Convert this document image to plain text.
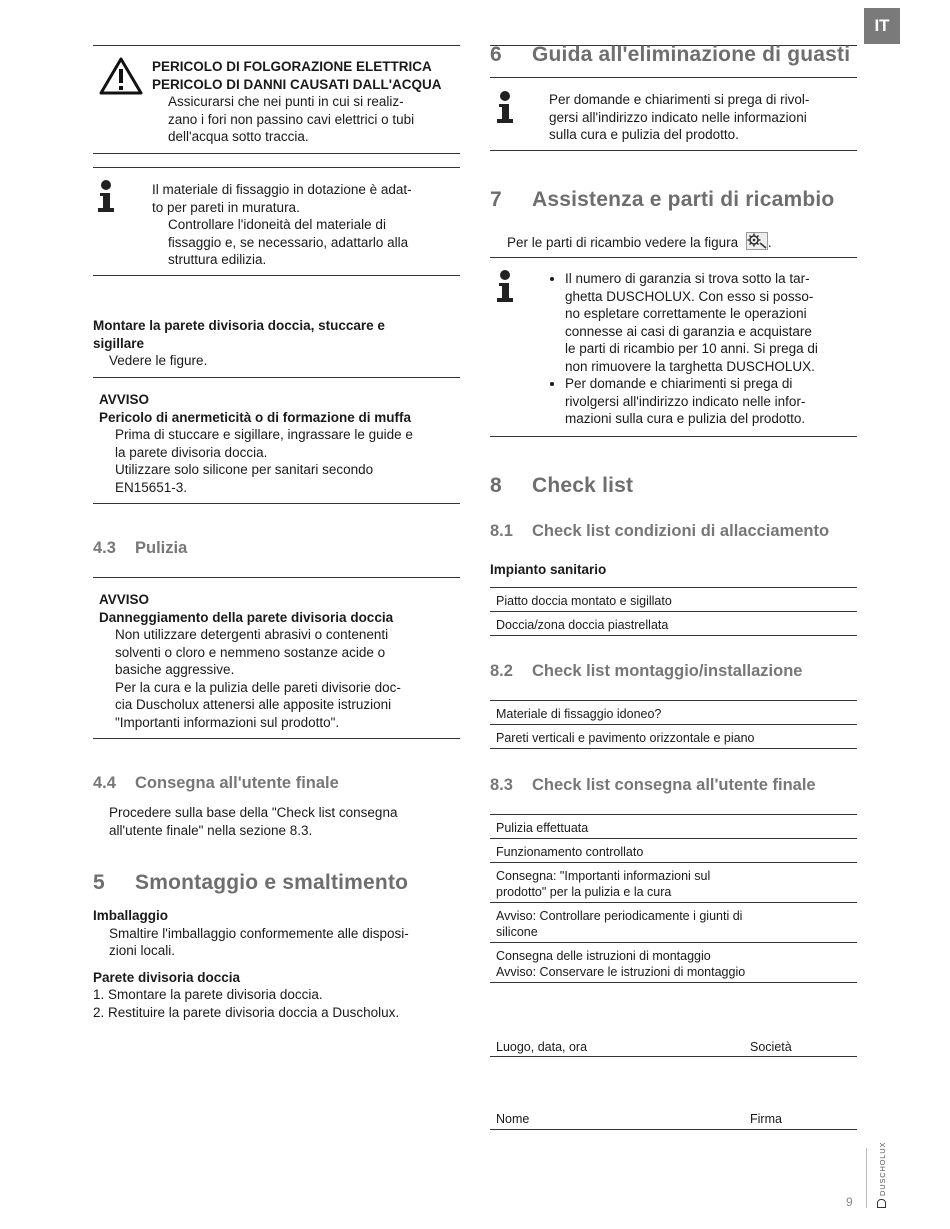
IT
PERICOLO DI FOLGORAZIONE ELETTRICA
PERICOLO DI DANNI CAUSATI DALL'ACQUA
Assicurarsi che nei punti in cui si realiz-
zano i fori non passino cavi elettrici o tubi
dell'acqua sotto traccia.
Il materiale di fissaggio in dotazione è adat-
to per pareti in muratura.
Controllare l'idoneità del materiale di
fissaggio e, se necessario, adattarlo alla
struttura edilizia.
Montare la parete divisoria doccia, stuccare e
sigillare
Vedere le figure.
AVVISO
Pericolo di anermeticità o di formazione di muffa
Prima di stuccare e sigillare, ingrassare le guide e
la parete divisoria doccia.
Utilizzare solo silicone per sanitari secondo
EN15651-3.
4.3 Pulizia
AVVISO
Danneggiamento della parete divisoria doccia
Non utilizzare detergenti abrasivi o contenenti
solventi o cloro e nemmeno sostanze acide o
basiche aggressive.
Per la cura e la pulizia delle pareti divisorie doc-
cia Duscholux attenersi alle apposite istruzioni
"Importanti informazioni sul prodotto".
4.4 Consegna all'utente finale
Procedere sulla base della "Check list consegna
all'utente finale" nella sezione 8.3.
5 Smontaggio e smaltimento
Imballaggio
Smaltire l'imballaggio conformemente alle disposi-
zioni locali.
Parete divisoria doccia
1. Smontare la parete divisoria doccia.
2. Restituire la parete divisoria doccia a Duscholux.
6 Guida all'eliminazione di guasti
Per domande e chiarimenti si prega di rivol-
gersi all'indirizzo indicato nelle informazioni
sulla cura e pulizia del prodotto.
7 Assistenza e parti di ricambio
Per le parti di ricambio vedere la figura .
• Il numero di garanzia si trova sotto la tar-
ghetta DUSCHOLUX. Con esso si posso-
no espletare correttamente le operazioni
connesse ai casi di garanzia e acquistare
le parti di ricambio per 10 anni. Si prega di
non rimuovere la targhetta DUSCHOLUX.
• Per domande e chiarimenti si prega di
rivolgersi all'indirizzo indicato nelle infor-
mazioni sulla cura e pulizia del prodotto.
8 Check list
8.1 Check list condizioni di allacciamento
Impianto sanitario
Piatto doccia montato e sigillato
Doccia/zona doccia piastrellata
8.2 Check list montaggio/installazione
Materiale di fissaggio idoneo?
Pareti verticali e pavimento orizzontale e piano
8.3 Check list consegna all'utente finale
Pulizia effettuata
Funzionamento controllato
Consegna: "Importanti informazioni sul
prodotto" per la pulizia e la cura
Avviso: Controllare periodicamente i giunti di
silicone
Consegna delle istruzioni di montaggio
Avviso: Conservare le istruzioni di montaggio
Luogo, data, ora	Società
Nome	Firma
DUSCHOLUX
9
